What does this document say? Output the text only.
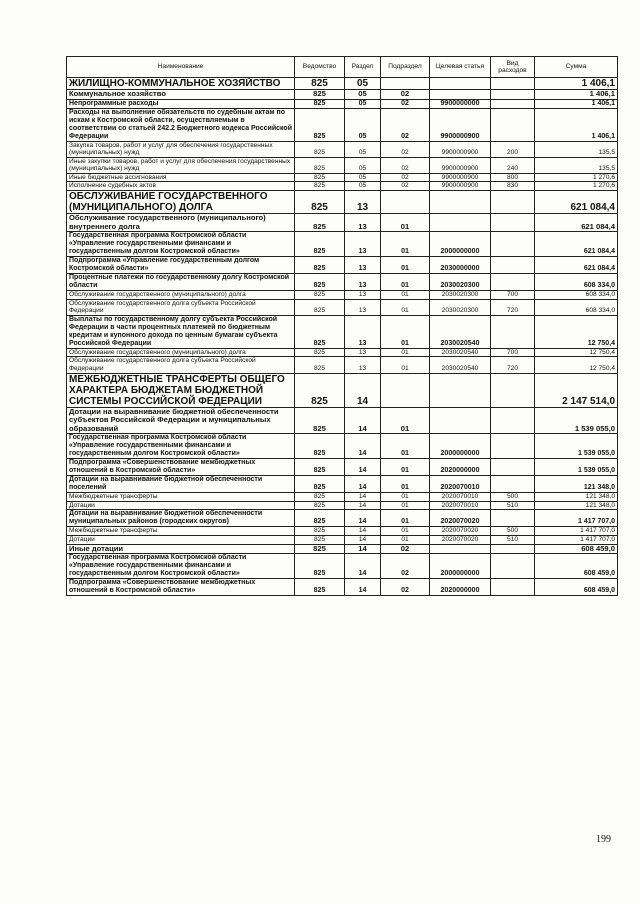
Наименование	Ведомство	Раздел	Подраздел	Целевая статья	Вид расходов	Сумма
ЖИЛИЩНО-КОММУНАЛЬНОЕ ХОЗЯЙСТВО	825	05				1 406,1
Коммунальное хозяйство	825	05	02			1 406,1
Непрограммные расходы	825	05	02	9900000000		1 406,1
Расходы на выполнение обязательств по судебным актам по искам к Костромской области, осуществляемым в соответствии со статьей 242.2 Бюджетного кодекса Российской Федерации	825	05	02	9900000900		1 406,1
Закупка товаров, работ и услуг для обеспечения государственных (муниципальных) нужд	825	05	02	9900000900	200	135,5
Иные закупки товаров, работ и услуг для обеспечения государственных (муниципальных) нужд	825	05	02	9900000900	240	135,5
Иные бюджетные ассигнования	825	05	02	9900000900	800	1 270,6
Исполнение судебных актов	825	05	02	9900000900	830	1 270,6
ОБСЛУЖИВАНИЕ ГОСУДАРСТВЕННОГО (МУНИЦИПАЛЬНОГО) ДОЛГА	825	13				621 084,4
Обслуживание государственного (муниципального) внутреннего долга	825	13	01			621 084,4
Государственная программа Костромской области «Управление государственными финансами и государственным долгом Костромской области»	825	13	01	2000000000		621 084,4
Подпрограмма «Управление государственным долгом Костромской области»	825	13	01	2030000000		621 084,4
Процентные платежи по государственному долгу Костромской области	825	13	01	2030020300		608 334,0
Обслуживание государственного (муниципального) долга	825	13	01	2030020300	700	608 334,0
Обслуживание государственного долга субъекта Российской Федерации	825	13	01	2030020300	720	608 334,0
Выплаты по государственному долгу субъекта Российской Федерации в части процентных платежей по бюджетным кредитам и купонного дохода по ценным бумагам субъекта Российской Федерации	825	13	01	2030020540		12 750,4
Обслуживание государственного (муниципального) долга	825	13	01	2030020540	700	12 750,4
Обслуживание государственного долга субъекта Российской Федерации	825	13	01	2030020540	720	12 750,4
МЕЖБЮДЖЕТНЫЕ ТРАНСФЕРТЫ ОБЩЕГО ХАРАКТЕРА БЮДЖЕТАМ БЮДЖЕТНОЙ СИСТЕМЫ РОССИЙСКОЙ ФЕДЕРАЦИИ	825	14				2 147 514,0
Дотации на выравнивание бюджетной обеспеченности субъектов Российской Федерации и муниципальных образований	825	14	01			1 539 055,0
Государственная программа Костромской области «Управление государственными финансами и государственным долгом Костромской области»	825	14	01	2000000000		1 539 055,0
Подпрограмма «Совершенствование межбюджетных отношений в Костромской области»	825	14	01	2020000000		1 539 055,0
Дотации на выравнивание бюджетной обеспеченности поселений	825	14	01	2020070010		121 348,0
Межбюджетные трансферты	825	14	01	2020070010	500	121 348,0
Дотации	825	14	01	2020070010	510	121 348,0
Дотации на выравнивание бюджетной обеспеченности муниципальных районов (городских округов)	825	14	01	2020070020		1 417 707,0
Межбюджетные трансферты	825	14	01	2020070020	500	1 417 707,0
Дотации	825	14	01	2020070020	510	1 417 707,0
Иные дотации	825	14	02			608 459,0
Государственная программа Костромской области «Управление государственными финансами и государственным долгом Костромской области»	825	14	02	2000000000		608 459,0
Подпрограмма «Совершенствование межбюджетных отношений в Костромской области»	825	14	02	2020000000		608 459,0
199
